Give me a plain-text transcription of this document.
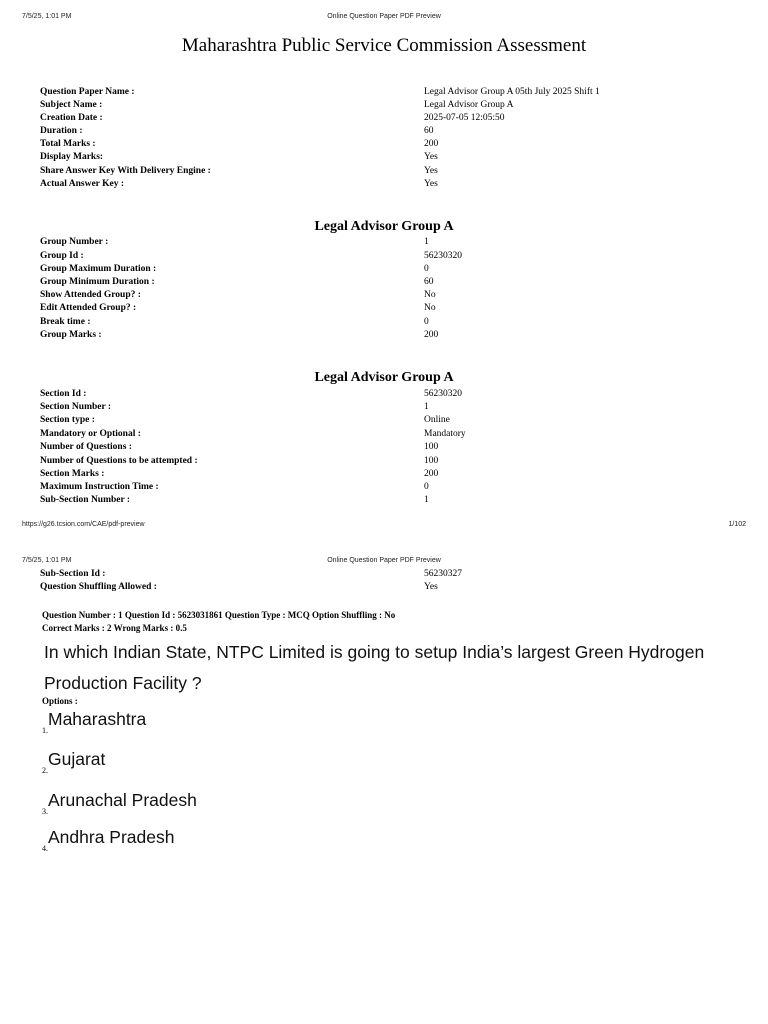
7/5/25, 1:01 PM	Online Question Paper PDF Preview
Maharashtra Public Service Commission Assessment
Question Paper Name :	Legal Advisor Group A 05th July 2025 Shift 1
Subject Name :	Legal Advisor Group A
Creation Date :	2025-07-05 12:05:50
Duration :	60
Total Marks :	200
Display Marks:	Yes
Share Answer Key With Delivery Engine :	Yes
Actual Answer Key :	Yes
Legal Advisor Group A
Group Number :	1
Group Id :	56230320
Group Maximum Duration :	0
Group Minimum Duration :	60
Show Attended Group? :	No
Edit Attended Group? :	No
Break time :	0
Group Marks :	200
Legal Advisor Group A
Section Id :	56230320
Section Number :	1
Section type :	Online
Mandatory or Optional :	Mandatory
Number of Questions :	100
Number of Questions to be attempted :	100
Section Marks :	200
Maximum Instruction Time :	0
Sub-Section Number :	1
https://g26.tcsion.com/CAE/pdf-preview	1/102
7/5/25, 1:01 PM	Online Question Paper PDF Preview
Sub-Section Id :	56230327
Question Shuffling Allowed :	Yes
Question Number : 1 Question Id : 5623031861 Question Type : MCQ Option Shuffling : No
Correct Marks : 2 Wrong Marks : 0.5
In which Indian State, NTPC Limited is going to setup India’s largest Green Hydrogen
Production Facility ?
Options :
$_{1.}$Maharashtra
$_{2.}$Gujarat
$_{3.}$Arunachal Pradesh
$_{4.}$Andhra Pradesh
